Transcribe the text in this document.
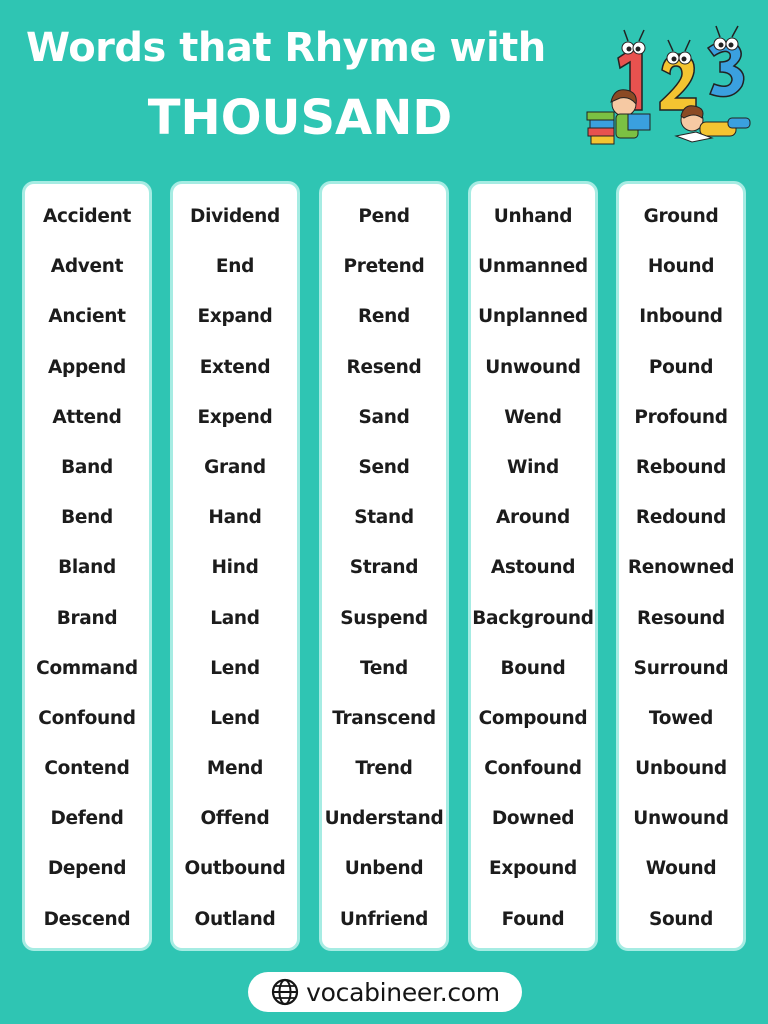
Words that Rhyme with
THOUSAND
Accident
Advent
Ancient
Append
Attend
Band
Bend
Bland
Brand
Command
Confound
Contend
Defend
Depend
Descend
Dividend
End
Expand
Extend
Expend
Grand
Hand
Hind
Land
Lend
Lend
Mend
Offend
Outbound
Outland
Pend
Pretend
Rend
Resend
Sand
Send
Stand
Strand
Suspend
Tend
Transcend
Trend
Understand
Unbend
Unfriend
Unhand
Unmanned
Unplanned
Unwound
Wend
Wind
Around
Astound
Background
Bound
Compound
Confound
Downed
Expound
Found
Ground
Hound
Inbound
Pound
Profound
Rebound
Redound
Renowned
Resound
Surround
Towed
Unbound
Unwound
Wound
Sound
vocabineer.com
